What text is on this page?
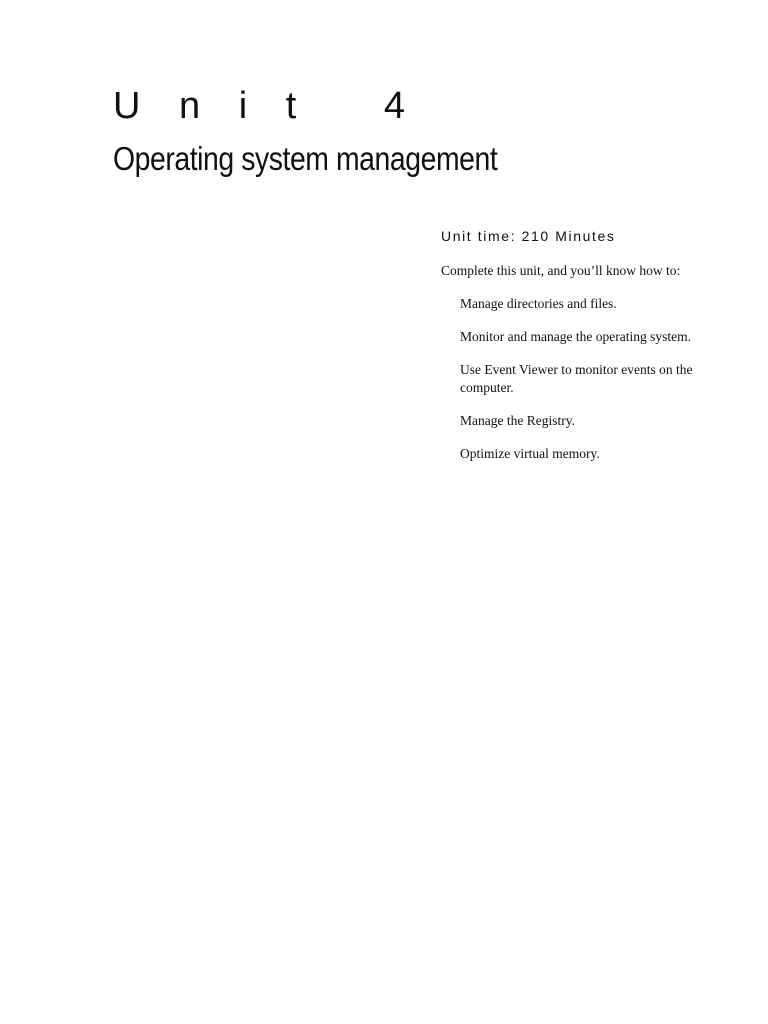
U n i t   4
Operating system management

Unit time: 210 Minutes

Complete this unit, and you’ll know how to:

Manage directories and files.
Monitor and manage the operating system.
Use Event Viewer to monitor events on the computer.
Manage the Registry.
Optimize virtual memory.
